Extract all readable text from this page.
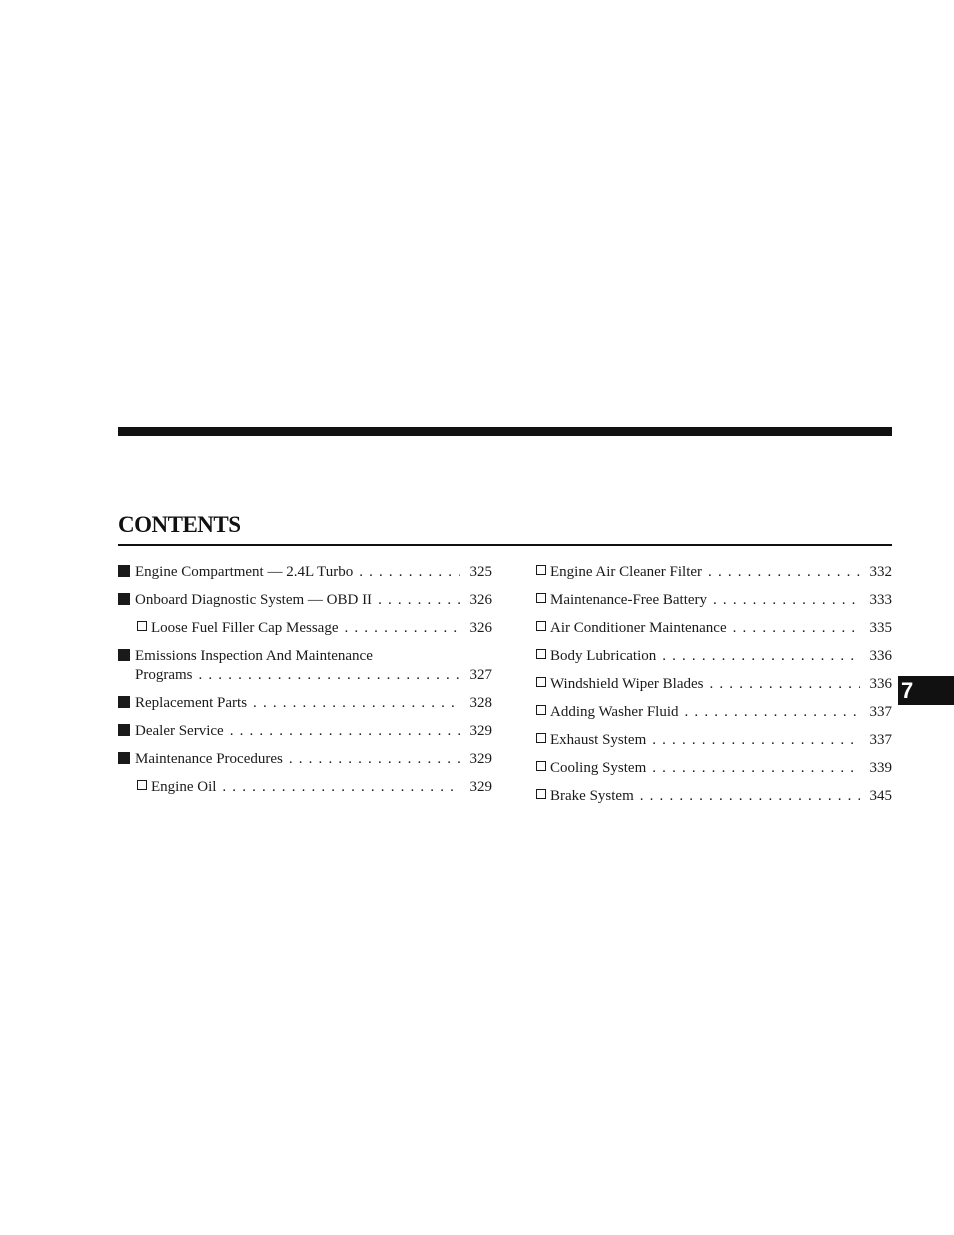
CONTENTS
Engine Compartment — 2.4L Turbo . . .	325
Onboard Diagnostic System — OBD II . . .	326
Loose Fuel Filler Cap Message . . .	326
Emissions Inspection And Maintenance
Programs . . .	327
Replacement Parts . . .	328
Dealer Service . . .	329
Maintenance Procedures . . .	329
Engine Oil . . .	329
Engine Air Cleaner Filter . . .	332
Maintenance-Free Battery . . .	333
Air Conditioner Maintenance . . .	335
Body Lubrication . . .	336
Windshield Wiper Blades . . .	336
Adding Washer Fluid . . .	337
Exhaust System . . .	337
Cooling System . . .	339
Brake System . . .	345
7
